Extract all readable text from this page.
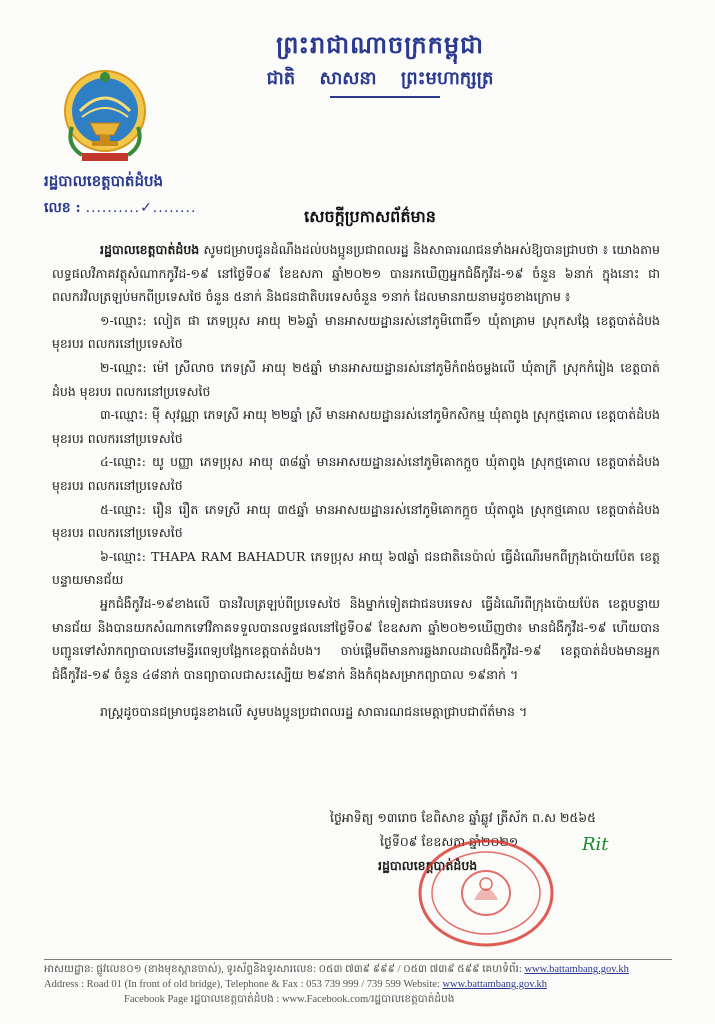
ព្រះរាជាណាចក្រកម្ពុជា
ជាតិ សាសនា ព្រះមហាក្សត្រ
រដ្ឋបាលខេត្តបាត់ដំបង
លេខ : ..........✓........	សេចក្តីប្រកាសព័ត៌មាន

រដ្ឋបាលខេត្តបាត់ដំបង សូមជម្រាបជូនដំណឹងដល់បងប្អូនប្រជាពលរដ្ឋ និងសាធារណជនទាំងអស់ឱ្យបានជ្រាបថា ៖ យោងតាមលទ្ធផលវិភាគវត្ថុសំណាកកូវីដ-១៩ នៅថ្ងៃទី០៩ ខែឧសភា ឆ្នាំ២០២១ បានរកឃើញអ្នកជំងឺកូវីដ-១៩ ចំនួន ៦នាក់ ក្នុងនោះ ជាពលករវិលត្រឡប់មកពីប្រទេសថៃ ចំនួន ៥នាក់ និងជនជាតិបរទេសចំនួន ១នាក់ ដែលមានរាយនាមដូចខាងក្រោម ៖

១-ឈ្មោះ: លៀត ផា ភេទប្រុស អាយុ ២៦ឆ្នាំ មានអាសយដ្ឋានរស់នៅភូមិពោធិ៍១ ឃុំតាគ្រាម ស្រុកសង្កែ ខេត្តបាត់ដំបង មុខរបរ ពលករនៅប្រទេសថៃ

២-ឈ្មោះ: ម៉ៅ ស្រីលាច ភេទស្រី អាយុ ២៥ឆ្នាំ មានអាសយដ្ឋានរស់នៅភូមិកំពង់ចម្លងលើ ឃុំតាក្រី ស្រុកកំរៀង ខេត្តបាត់ដំបង មុខរបរ ពលករនៅប្រទេសថៃ

៣-ឈ្មោះ: ម៉ី សុវណ្ណា ភេទស្រី អាយុ ២២ឆ្នាំ ស្រី មានអាសយដ្ឋានរស់នៅភូមិកសិកម្ម ឃុំតាពូង ស្រុកថ្មគោល ខេត្តបាត់ដំបង មុខរបរ ពលករនៅប្រទេសថៃ

៤-ឈ្មោះ: យូ បញ្ញា ភេទប្រុស អាយុ ៣៨ឆ្នាំ មានអាសយដ្ឋានរស់នៅភូមិគោកក្អួច ឃុំតាពូង ស្រុកថ្មគោល ខេត្តបាត់ដំបង មុខរបរ ពលករនៅប្រទេសថៃ

៥-ឈ្មោះ: រឿន រឿត ភេទស្រី អាយុ ៣៥ឆ្នាំ មានអាសយដ្ឋានរស់នៅភូមិគោកក្អួច ឃុំតាពូង ស្រុកថ្មគោល ខេត្តបាត់ដំបង មុខរបរ ពលករនៅប្រទេសថៃ

៦-ឈ្មោះ: THAPA RAM BAHADUR ភេទប្រុស អាយុ ៦៧ឆ្នាំ ជនជាតិនេប៉ាល់ ធ្វើដំណើរមកពីក្រុងប៉ោយប៉ែត ខេត្តបន្ទាយមានជ័យ

អ្នកជំងឺកូវីដ-១៩ខាងលើ បានវិលត្រឡប់ពីប្រទេសថៃ និងម្នាក់ទៀតជាជនបរទេស ធ្វើដំណើរពីក្រុងប៉ោយប៉ែត ខេត្តបន្ទាយមានជ័យ និងបានយកសំណាកទៅវិភាគទទួលបានលទ្ធផលនៅថ្ងៃទី០៩ ខែឧសភា ឆ្នាំ២០២១ឃើញថា៖ មានជំងឺកូវីដ-១៩ ហើយបានបញ្ជូនទៅសំរាកព្យាបាលនៅមន្ទីរពេទ្យបង្អែកខេត្តបាត់ដំបង។ ចាប់ផ្តើមពីមានការឆ្លងរាលដាលជំងឺកូវីដ-១៩ ខេត្តបាត់ដំបងមានអ្នកជំងឺកូវីដ-១៩ ចំនួន ៤៨នាក់ បានព្យាបាលជាសះស្បើយ ២៩នាក់ និងកំពុងសម្រាកព្យាបាល ១៩នាក់ ។

រាស្ត្រដូចបានជម្រាបជូនខាងលើ សូមបងប្អូនប្រជាពលរដ្ឋ សាធារណជនមេត្តាជ្រាបជាព័ត៌មាន ។

ថ្ងៃអាទិត្យ ១៣រោច ខែពិសាខ ឆ្នាំឆ្លូវ ត្រីស័ក ព.ស ២៥៦៥

ថ្ងៃទី០៩ ខែឧសភា ឆ្នាំ២០២១

រដ្ឋបាលខេត្តបាត់ដំបង

Rit

អាសយដ្ឋាន: ផ្លូវលេខ០១ (ខាងមុខស្ពានចាស់), ទូរស័ព្ទនិងទូរសារលេខ: ០៥៣ ៧៣៩ ៩៩៩ / ០៥៣ ៧៣៩ ៥៩៩ គេហទំព័រ: www.battambang.gov.kh

Address : Road 01 (In front of old bridge), Telephone & Fax : 053 739 999 / 739 599 Website: www.battambang.gov.kh

Facebook Page រដ្ឋបាលខេត្តបាត់ដំបង : www.Facebook.com/រដ្ឋបាលខេត្តបាត់ដំបង
